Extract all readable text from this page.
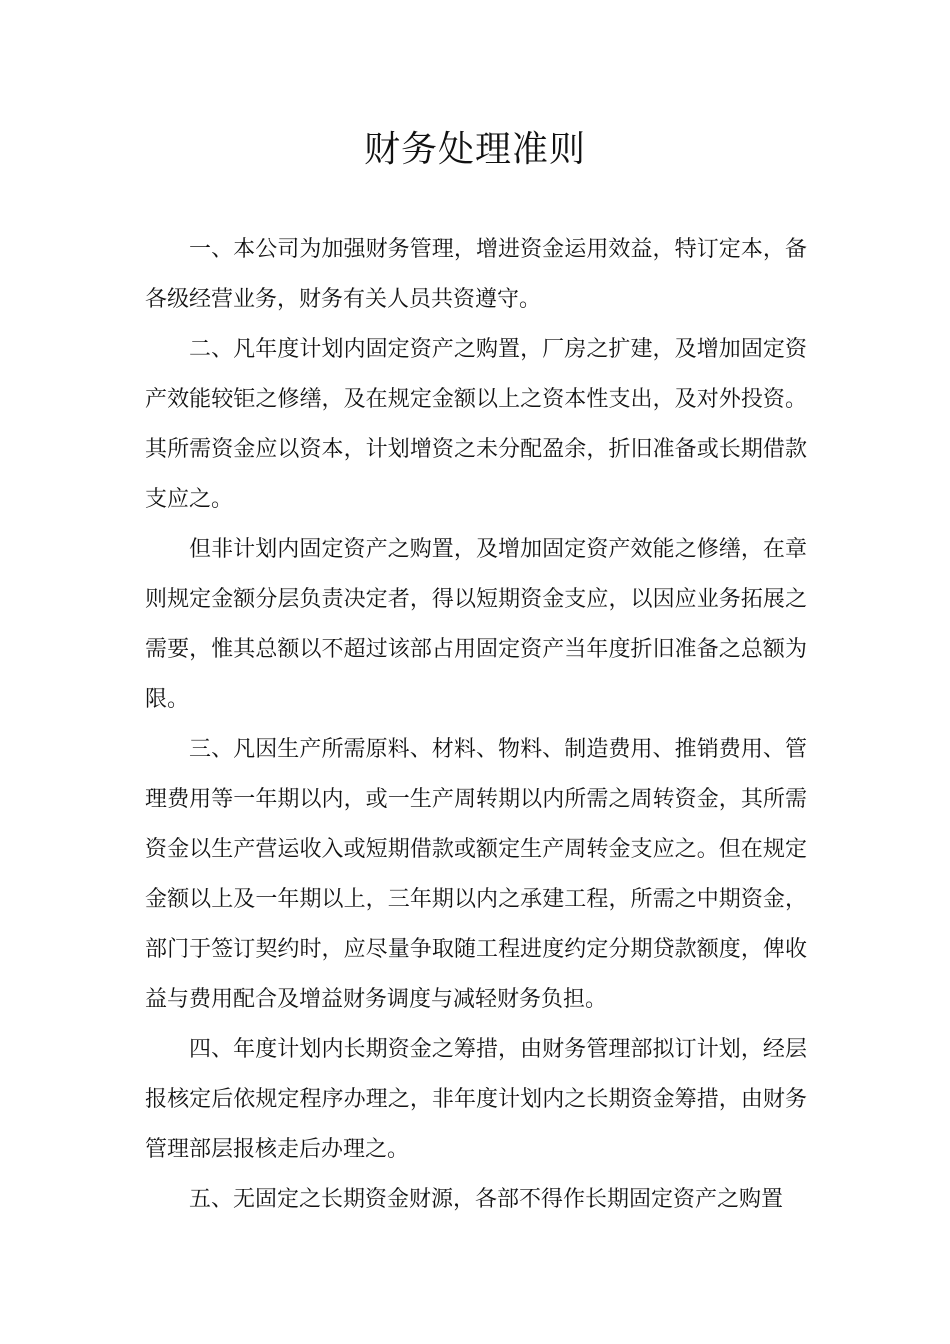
财务处理准则

一、本公司为加强财务管理，增进资金运用效益，特订定本，备各级经营业务，财务有关人员共资遵守。

二、凡年度计划内固定资产之购置，厂房之扩建，及增加固定资产效能较钜之修缮，及在规定金额以上之资本性支出，及对外投资。其所需资金应以资本，计划增资之未分配盈余，折旧准备或长期借款支应之。

但非计划内固定资产之购置，及增加固定资产效能之修缮，在章则规定金额分层负责决定者，得以短期资金支应，以因应业务拓展之需要，惟其总额以不超过该部占用固定资产当年度折旧准备之总额为限。

三、凡因生产所需原料、材料、物料、制造费用、推销费用、管理费用等一年期以内，或一生产周转期以内所需之周转资金，其所需资金以生产营运收入或短期借款或额定生产周转金支应之。但在规定金额以上及一年期以上，三年期以内之承建工程，所需之中期资金，部门于签订契约时，应尽量争取随工程进度约定分期贷款额度，俾收益与费用配合及增益财务调度与减轻财务负担。

四、年度计划内长期资金之筹措，由财务管理部拟订计划，经层报核定后依规定程序办理之，非年度计划内之长期资金筹措，由财务管理部层报核走后办理之。

五、无固定之长期资金财源，各部不得作长期固定资产之购置
